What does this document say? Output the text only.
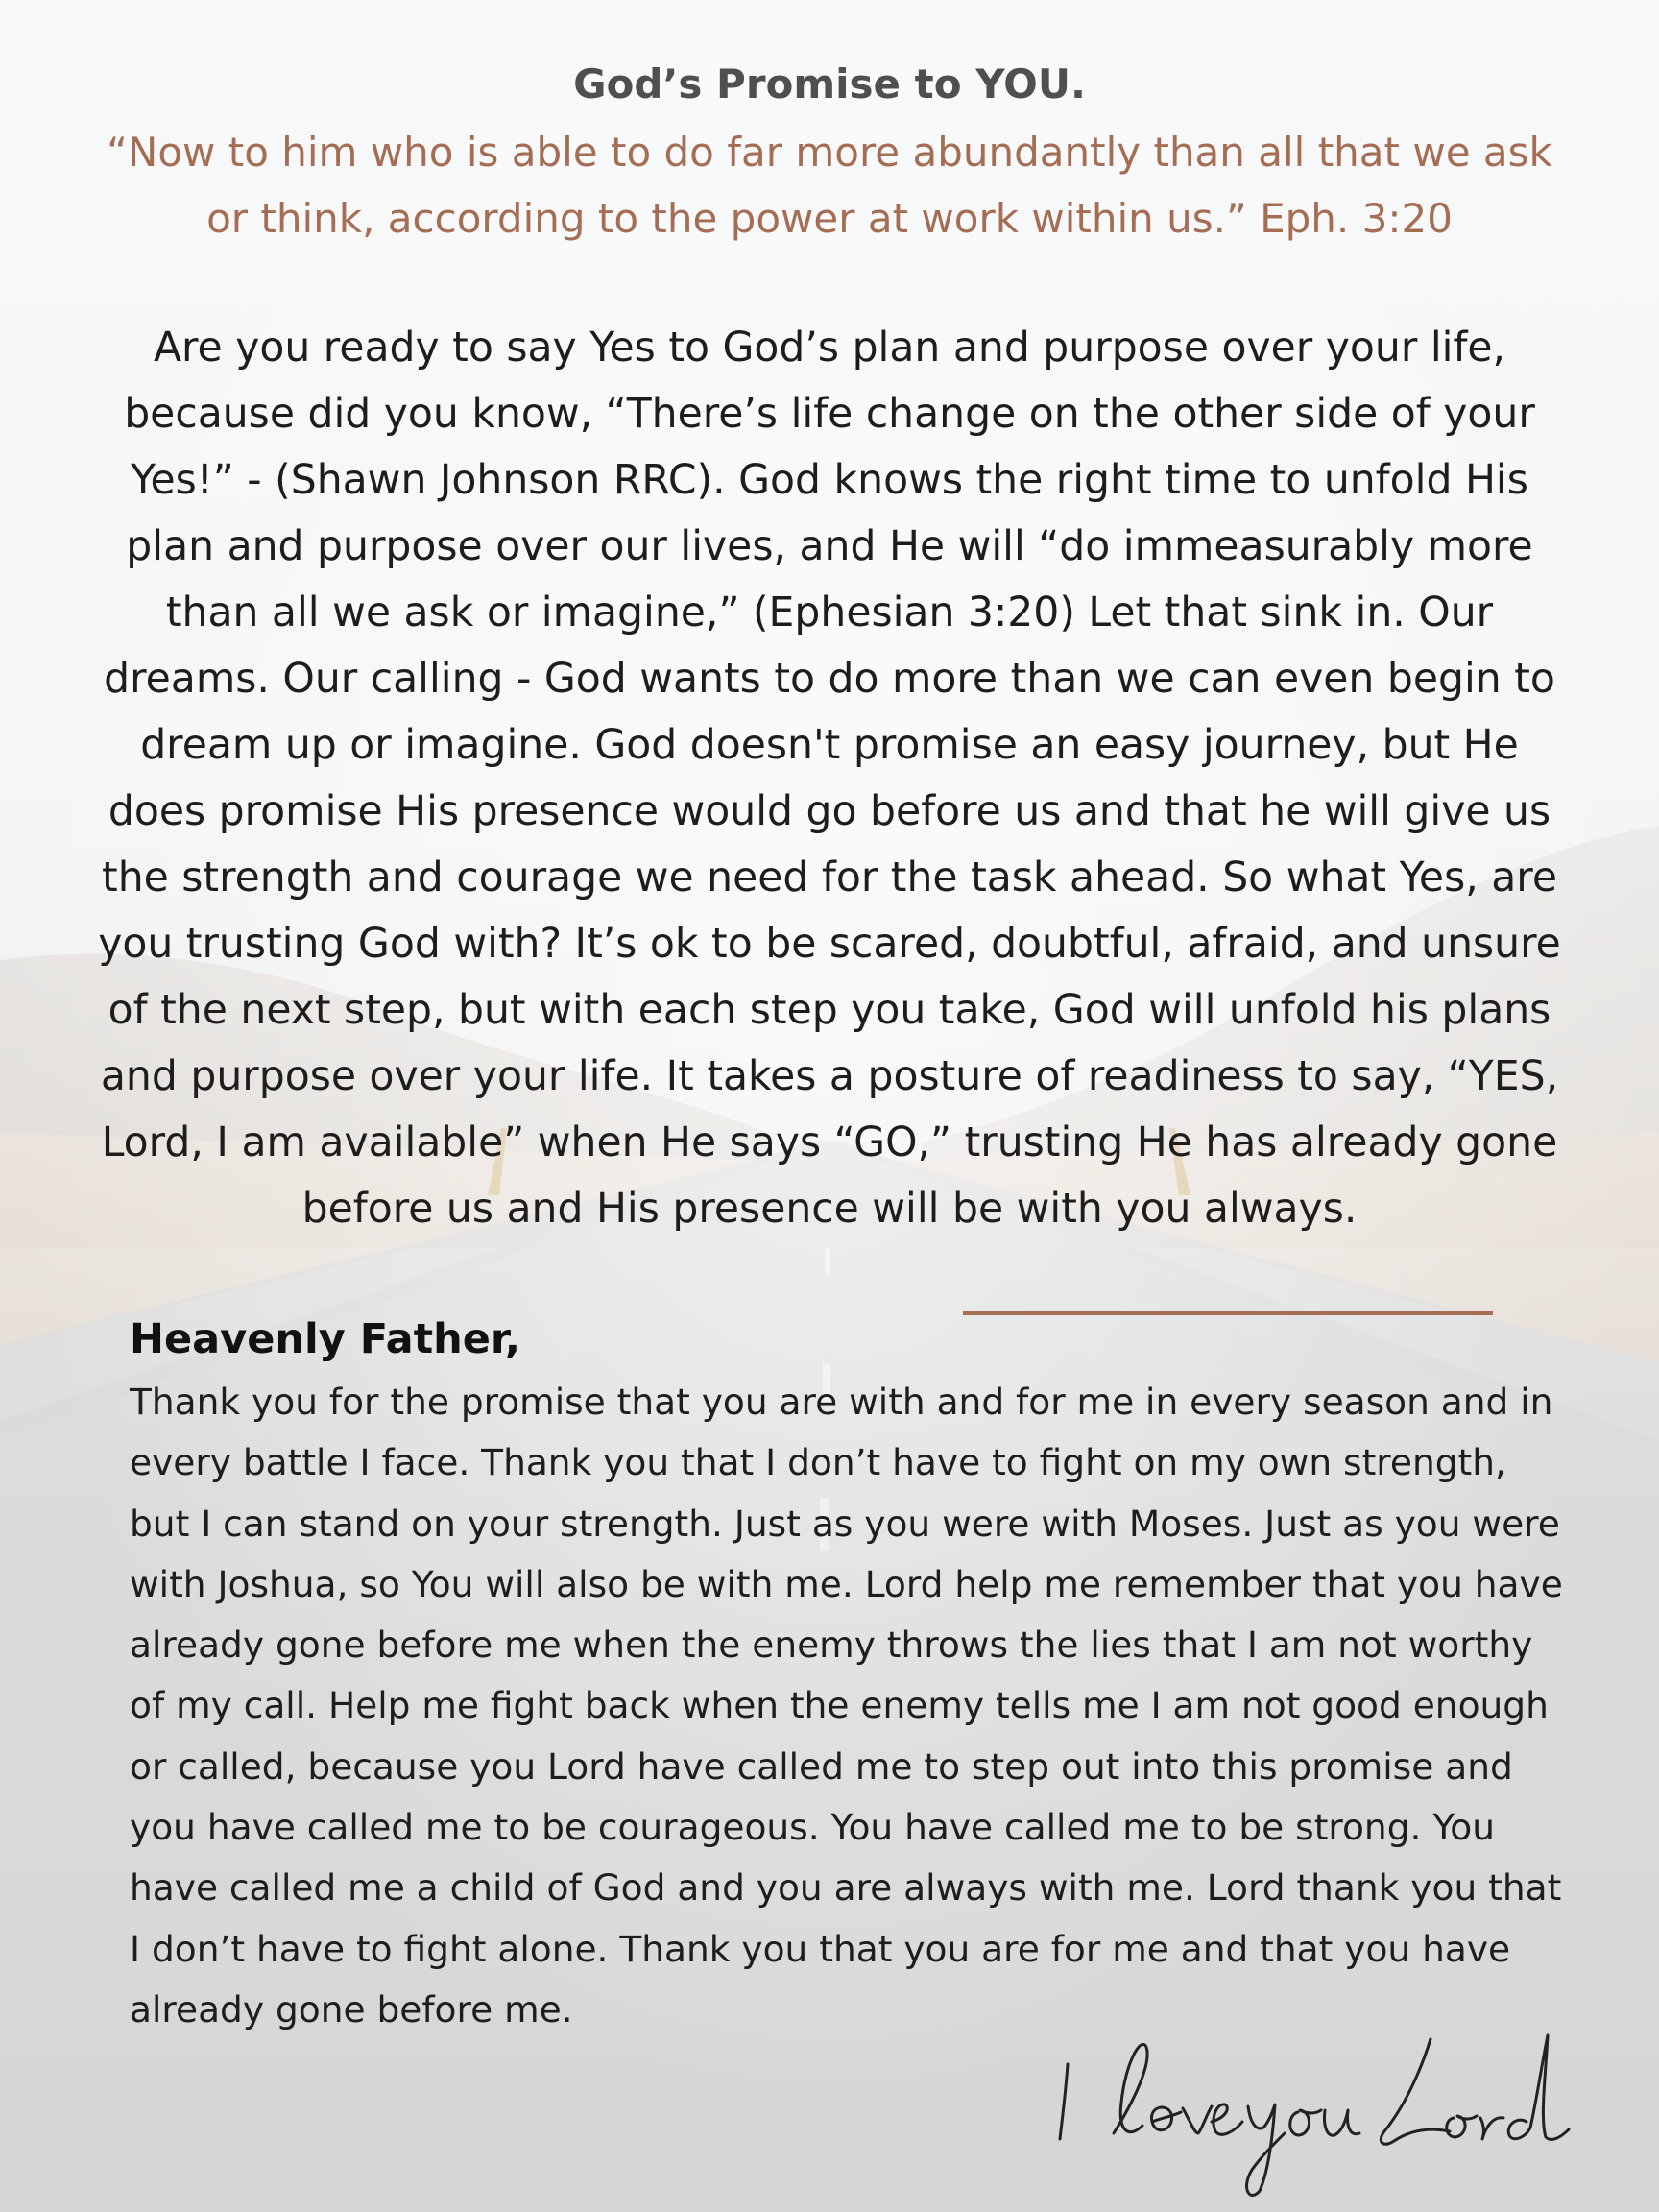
God’s Promise to YOU.

“Now to him who is able to do far more abundantly than all that we ask or think, according to the power at work within us.” Eph. 3:20

Are you ready to say Yes to God’s plan and purpose over your life, because did you know, “There’s life change on the other side of your Yes!” - (Shawn Johnson RRC). God knows the right time to unfold His plan and purpose over our lives, and He will “do immeasurably more than all we ask or imagine,” (Ephesian 3:20) Let that sink in. Our dreams. Our calling - God wants to do more than we can even begin to dream up or imagine. God doesn't promise an easy journey, but He does promise His presence would go before us and that he will give us the strength and courage we need for the task ahead. So what Yes, are you trusting God with? It’s ok to be scared, doubtful, afraid, and unsure of the next step, but with each step you take, God will unfold his plans and purpose over your life. It takes a posture of readiness to say, “YES, Lord, I am available” when He says “GO,” trusting He has already gone before us and His presence will be with you always.

Heavenly Father,

Thank you for the promise that you are with and for me in every season and in every battle I face. Thank you that I don’t have to fight on my own strength, but I can stand on your strength. Just as you were with Moses. Just as you were with Joshua, so You will also be with me. Lord help me remember that you have already gone before me when the enemy throws the lies that I am not worthy of my call. Help me fight back when the enemy tells me I am not good enough or called, because you Lord have called me to step out into this promise and you have called me to be courageous. You have called me to be strong. You have called me a child of God and you are always with me. Lord thank you that I don’t have to fight alone. Thank you that you are for me and that you have already gone before me.
